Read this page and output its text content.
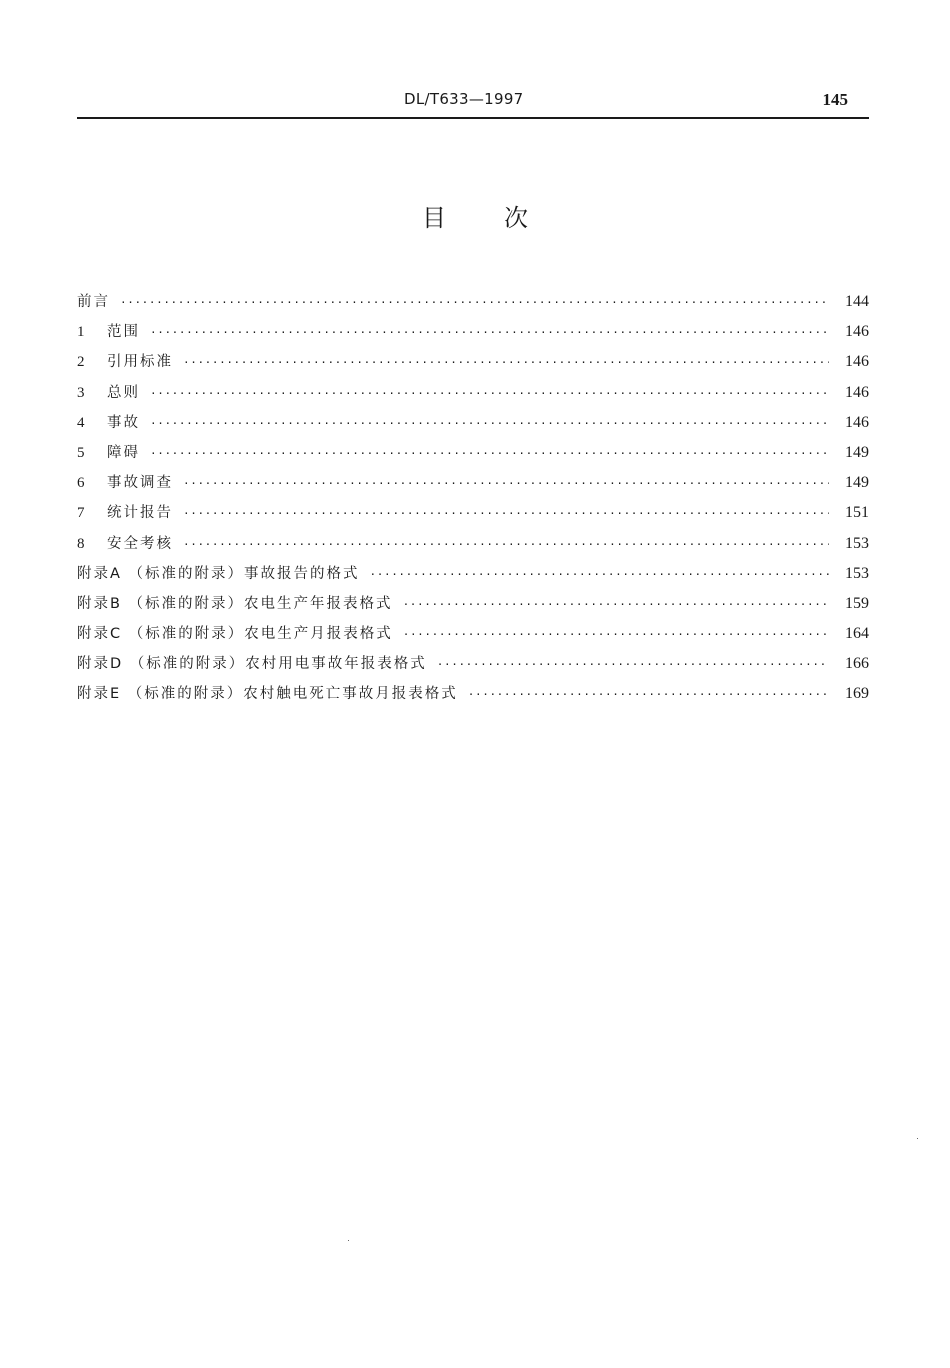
DL/T633—1997	145
目 次
前言 ·····	144
1	范围 ·····	146
2	引用标准 ·····	146
3	总则 ·····	146
4	事故 ·····	146
5	障碍 ·····	149
6	事故调查 ·····	149
7	统计报告 ·····	151
8	安全考核 ·····	153
附录A （标准的附录）事故报告的格式 ·····	153
附录B （标准的附录）农电生产年报表格式 ·····	159
附录C （标准的附录）农电生产月报表格式 ·····	164
附录D （标准的附录）农村用电事故年报表格式 ·····	166
附录E （标准的附录）农村触电死亡事故月报表格式 ·····	169
